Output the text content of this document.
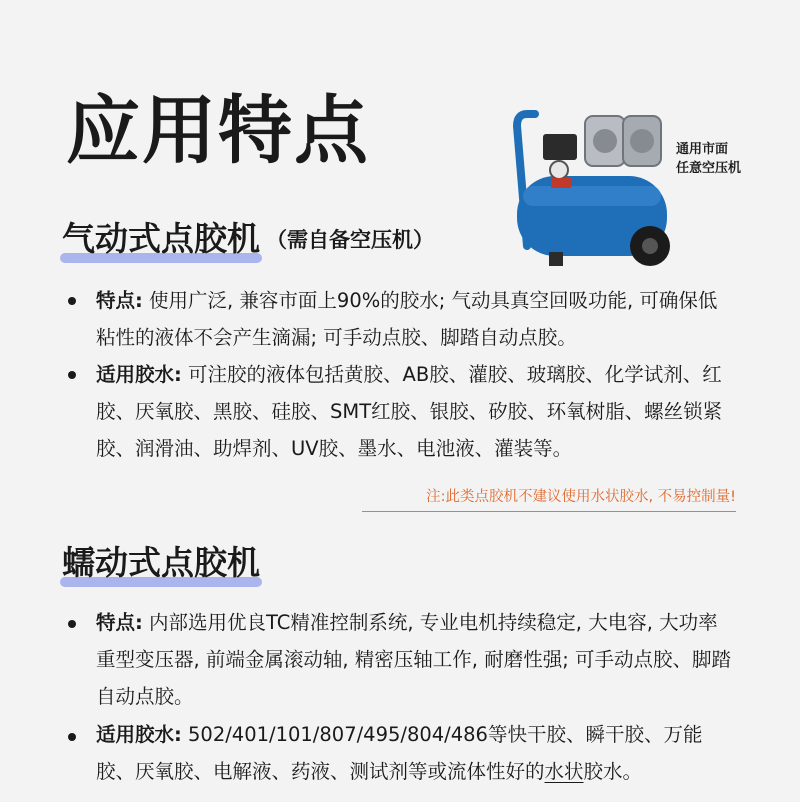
应用特点	通用市面
任意空压机
气动式点胶机 （需自备空压机）
特点: 使用广泛, 兼容市面上90%的胶水; 气动具真空回吸功能, 可确保低粘性的液体不会产生滴漏; 可手动点胶、脚踏自动点胶。
适用胶水: 可注胶的液体包括黄胶、AB胶、灌胶、玻璃胶、化学试剂、红胶、厌氧胶、黑胶、硅胶、SMT红胶、银胶、矽胶、环氧树脂、螺丝锁紧胶、润滑油、助焊剂、UV胶、墨水、电池液、灌装等。
注:此类点胶机不建议使用水状胶水, 不易控制量!
蠕动式点胶机
特点: 内部选用优良TC精准控制系统, 专业电机持续稳定, 大电容, 大功率重型变压器, 前端金属滚动轴, 精密压轴工作, 耐磨性强; 可手动点胶、脚踏自动点胶。
适用胶水: 502/401/101/807/495/804/486等快干胶、瞬干胶、万能胶、厌氧胶、电解液、药液、测试剂等或流体性好的水状胶水。
